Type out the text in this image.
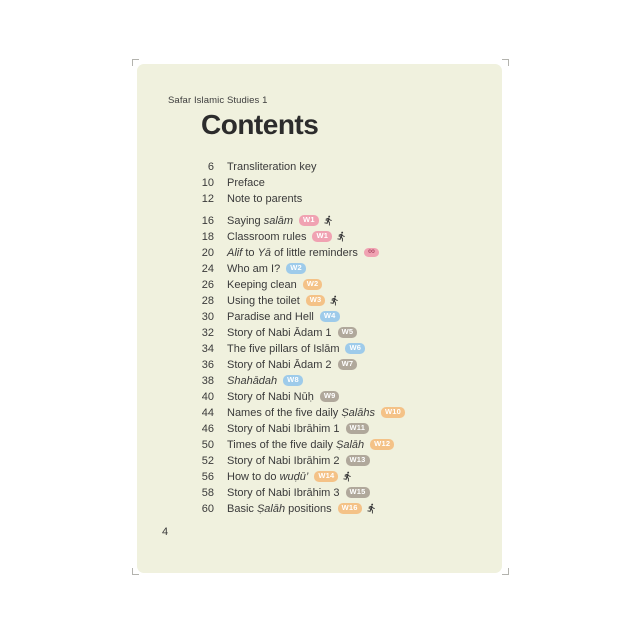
Safar Islamic Studies 1
Contents
6 Transliteration key
10 Preface
12 Note to parents
16 Saying salām	W1
18 Classroom rules	W1
20 Alif to Yā of little reminders	∞
24 Who am I?	W2
26 Keeping clean	W2
28 Using the toilet	W3
30 Paradise and Hell	W4
32 Story of Nabi Ādam 1	W5
34 The five pillars of Islām	W6
36 Story of Nabi Ādam 2	W7
38 Shahādah	W8
40 Story of Nabi Nūḥ	W9
44 Names of the five daily Ṣalāhs	W10
46 Story of Nabi Ibrāhim 1	W11
50 Times of the five daily Ṣalāh	W12
52 Story of Nabi Ibrāhim 2	W13
56 How to do wuḍū’	W14
58 Story of Nabi Ibrāhim 3	W15
60 Basic Ṣalāh positions	W16
4
